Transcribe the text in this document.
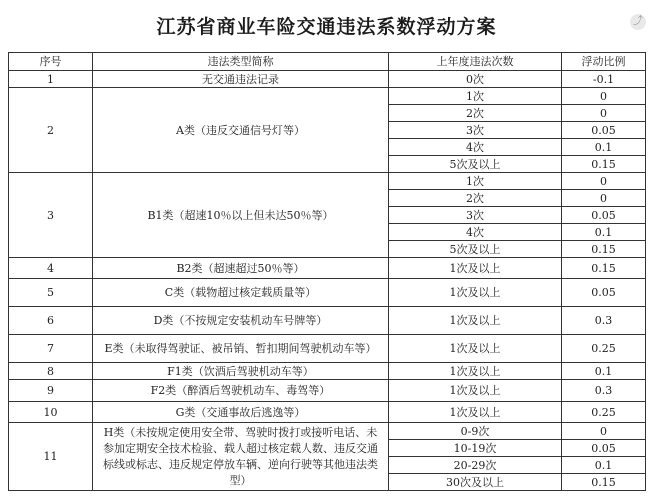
江苏省商业车险交通违法系数浮动方案	⤴
序号	违法类型简称	上年度违法次数	浮动比例
1	无交通违法记录	0次	-0.1
2	A类（违反交通信号灯等）	1次	0
		2次	0
		3次	0.05
		4次	0.1
		5次及以上	0.15
3	B1类（超速10％以上但未达50％等）	1次	0
		2次	0
		3次	0.05
		4次	0.1
		5次及以上	0.15
4	B2类（超速超过50％等）	1次及以上	0.15
5	C类（载物超过核定载质量等）	1次及以上	0.05
6	D类（不按规定安装机动车号牌等）	1次及以上	0.3
7	E类（未取得驾驶证、被吊销、暂扣期间驾驶机动车等）	1次及以上	0.25
8	F1类（饮酒后驾驶机动车等）	1次及以上	0.1
9	F2类（醉酒后驾驶机动车、毒驾等）	1次及以上	0.3
10	G类（交通事故后逃逸等）	1次及以上	0.25
11	H类（未按规定使用安全带、驾驶时拨打或接听电话、未参加定期安全技术检验、载人超过核定载人数、违反交通标线或标志、违反规定停放车辆、逆向行驶等其他违法类型）	0-9次	0
		10-19次	0.05
		20-29次	0.1
		30次及以上	0.15
